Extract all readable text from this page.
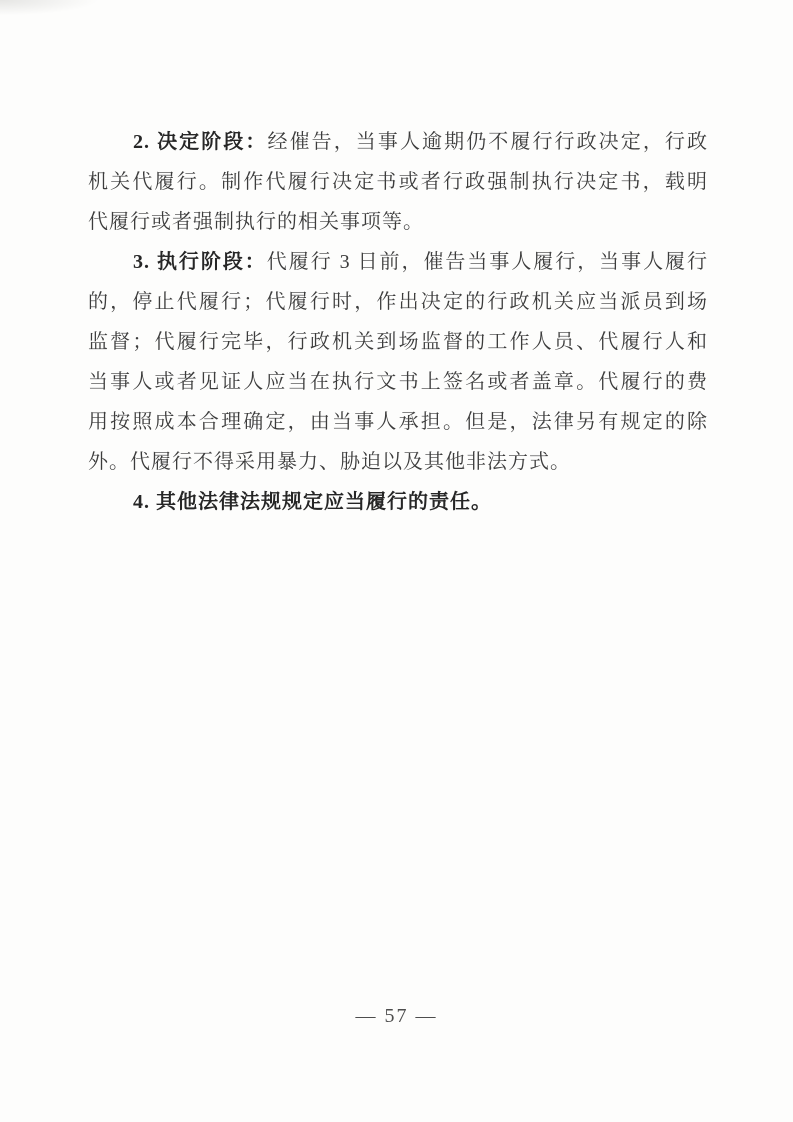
2. 决定阶段：经催告，当事人逾期仍不履行行政决定，行政
机关代履行。制作代履行决定书或者行政强制执行决定书，载明
代履行或者强制执行的相关事项等。
3. 执行阶段：代履行 3 日前，催告当事人履行，当事人履行
的，停止代履行；代履行时，作出决定的行政机关应当派员到场
监督；代履行完毕，行政机关到场监督的工作人员、代履行人和
当事人或者见证人应当在执行文书上签名或者盖章。代履行的费
用按照成本合理确定，由当事人承担。但是，法律另有规定的除
外。代履行不得采用暴力、胁迫以及其他非法方式。
4. 其他法律法规规定应当履行的责任。
— 57 —
